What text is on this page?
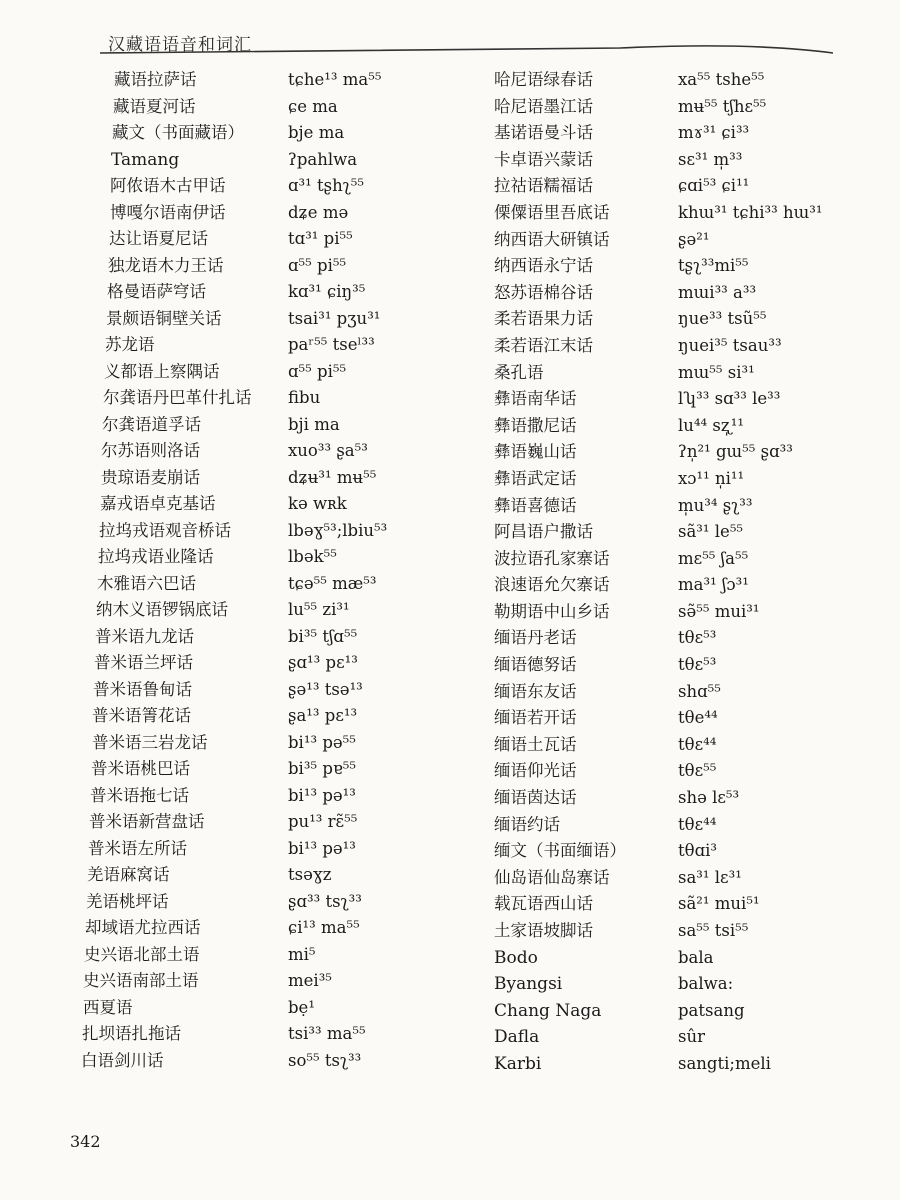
汉藏语语音和词汇
藏语拉萨话	tɕhe¹³ ma⁵⁵
藏语夏河话	ɕe ma
藏文（书面藏语）	bje ma
Tamang	ʔpahlwa
阿侬语木古甲话	ɑ³¹ tʂhʅ⁵⁵
博嘎尔语南伊话	dʑe mə
达让语夏尼话	tɑ³¹ pi⁵⁵
独龙语木力王话	ɑ⁵⁵ pi⁵⁵
格曼语萨穹话	kɑ³¹ ɕiŋ³⁵
景颇语铜壁关话	tsai³¹ pʒu³¹
苏龙语	paʳ⁵⁵ tseˡ³³
义都语上察隅话	ɑ⁵⁵ pi⁵⁵
尔龚语丹巴革什扎话 fibu
尔龚语道孚话	bji ma
尔苏语则洛话	xuo³³ ʂa⁵³
贵琼语麦崩话	dʑʉ³¹ mʉ⁵⁵
嘉戎语卓克基话	kə wʀk
拉坞戎语观音桥话	lbəɣ⁵³;lbiu⁵³
拉坞戎语业隆话	lbək⁵⁵
木雅语六巴话	tɕə⁵⁵ mæ⁵³
纳木义语锣锅底话	lu⁵⁵ zi³¹
普米语九龙话	bi³⁵ tʃɑ⁵⁵
普米语兰坪话	ʂɑ¹³ pɛ¹³
普米语鲁甸话	ʂə¹³ tsə¹³
普米语箐花话	ʂa¹³ pɛ¹³
普米语三岩龙话	bi¹³ pə⁵⁵
普米语桃巴话	bi³⁵ pɐ⁵⁵
普米语拖七话	bi¹³ pə¹³
普米语新营盘话	pu¹³ rɛ̃⁵⁵
普米语左所话	bi¹³ pə¹³
羌语麻窝话	tsəɣz
羌语桃坪话	ʂɑ³³ tsʅ³³
却域语尤拉西话	ɕi¹³ ma⁵⁵
史兴语北部土语	mi⁵
史兴语南部土语	mei³⁵
西夏语	bẹ¹
扎坝语扎拖话	tsi³³ ma⁵⁵
白语剑川话	so⁵⁵ tsʅ³³
哈尼语绿春话	xa⁵⁵ tshe⁵⁵
哈尼语墨江话	mʉ⁵⁵ tʃhɛ⁵⁵
基诺语曼斗话	mɤ³¹ ɕi³³
卡卓语兴蒙话	sɛ³¹ m̩³³
拉祜语糯福话	ɕɑi⁵³ ɕi¹¹
傈僳语里吾底话	khɯ³¹ tɕhi³³ hɯ³¹
纳西语大研镇话	ʂə²¹
纳西语永宁话	tʂʅ³³mi⁵⁵
怒苏语棉谷话	mɯi³³ a³³
柔若语果力话	ŋue³³ tsũ⁵⁵
柔若语江末话	ŋuei³⁵ tsau³³
桑孔语	mɯ⁵⁵ si³¹
彝语南华话	lʮ³³ sɑ³³ le³³
彝语撒尼话	lu⁴⁴ sʐ̩¹¹
彝语巍山话	ʔn̩²¹ gɯ⁵⁵ ʂɑ³³
彝语武定话	xɔ¹¹ n̩i¹¹
彝语喜德话	m̩u³⁴ ʂʅ³³
阿昌语户撒话	sã³¹ le⁵⁵
波拉语孔家寨话	mɛ⁵⁵ ʃa⁵⁵
浪速语允欠寨话	ma³¹ ʃɔ³¹
勒期语中山乡话	sə̃⁵⁵ mui³¹
缅语丹老话	tθɛ⁵³
缅语德努话	tθɛ⁵³
缅语东友话	shɑ⁵⁵
缅语若开话	tθe⁴⁴
缅语土瓦话	tθɛ⁴⁴
缅语仰光话	tθɛ⁵⁵
缅语茵达话	shə lɛ⁵³
缅语约话	tθɛ⁴⁴
缅文（书面缅语）	tθɑi³
仙岛语仙岛寨话	sa³¹ lɛ³¹
载瓦语西山话	sã²¹ mui⁵¹
土家语坡脚话	sa⁵⁵ tsi⁵⁵
Bodo	bala
Byangsi	balwa:
Chang Naga	patsang
Dafla	sûr
Karbi	sangti;meli
342
